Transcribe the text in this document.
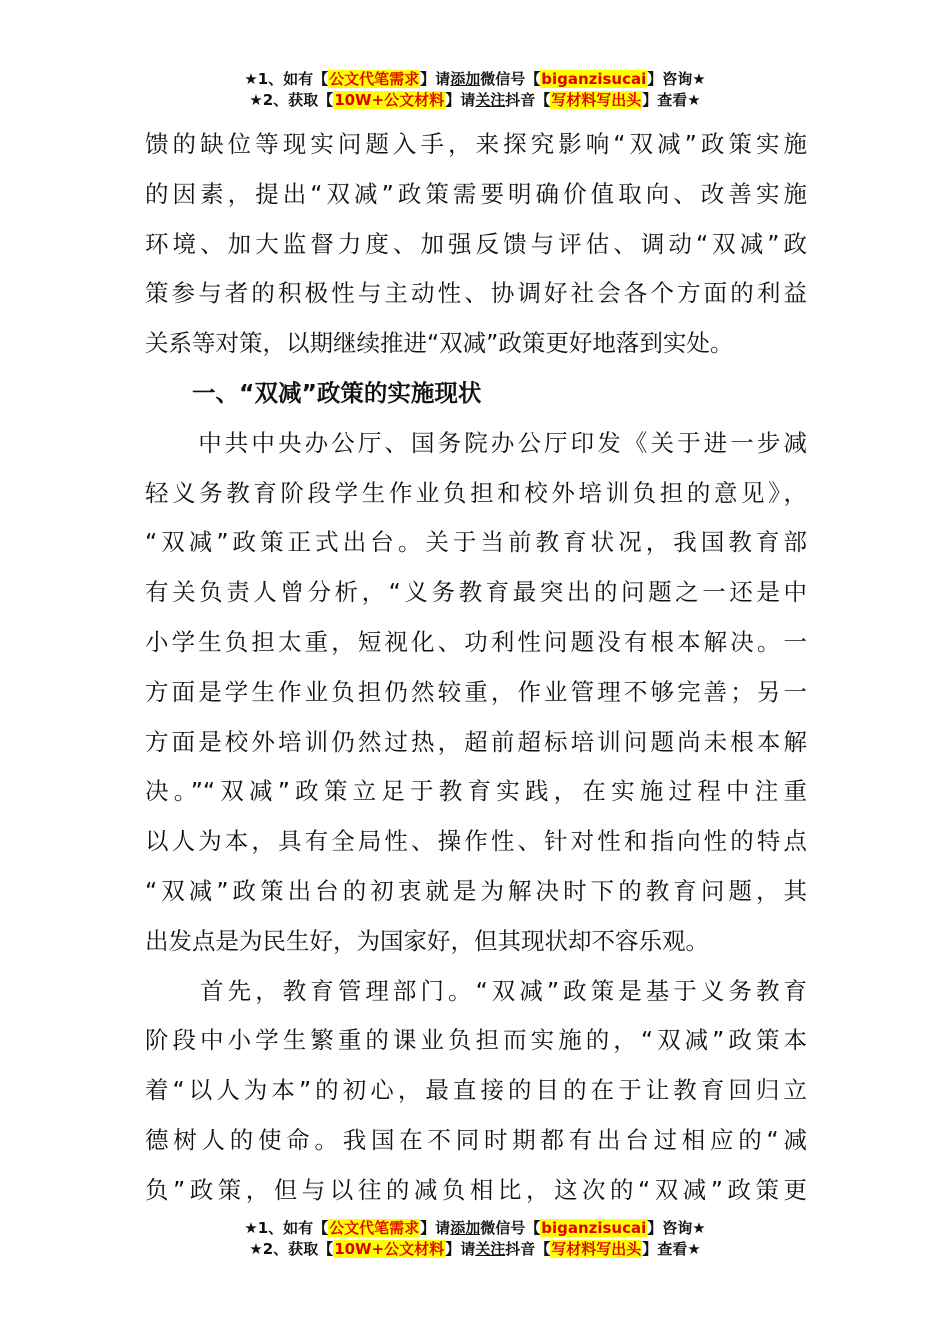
★1、如有【公文代笔需求】请添加微信号【biganzisucai】咨询★
★2、获取【10W+公文材料】请关注抖音【写材料写出头】查看★
馈的缺位等现实问题入手，来探究影响“双减”政策实施
的因素，提出“双减”政策需要明确价值取向、改善实施
环境、加大监督力度、加强反馈与评估、调动“双减”政
策参与者的积极性与主动性、协调好社会各个方面的利益
关系等对策，以期继续推进“双减”政策更好地落到实处。
　　一、“双减”政策的实施现状
　　中共中央办公厅、国务院办公厅印发《关于进一步减
轻义务教育阶段学生作业负担和校外培训负担的意见》，
“双减”政策正式出台。关于当前教育状况，我国教育部
有关负责人曾分析，“义务教育最突出的问题之一还是中
小学生负担太重，短视化、功利性问题没有根本解决。一
方面是学生作业负担仍然较重，作业管理不够完善；另一
方面是校外培训仍然过热，超前超标培训问题尚未根本解
决。”“双减”政策立足于教育实践，在实施过程中注重
以人为本，具有全局性、操作性、针对性和指向性的特点
“双减”政策出台的初衷就是为解决时下的教育问题，其
出发点是为民生好，为国家好，但其现状却不容乐观。
　　首先，教育管理部门。“双减”政策是基于义务教育
阶段中小学生繁重的课业负担而实施的，“双减”政策本
着“以人为本”的初心，最直接的目的在于让教育回归立
德树人的使命。我国在不同时期都有出台过相应的“减
负”政策，但与以往的减负相比，这次的“双减”政策更
★1、如有【公文代笔需求】请添加微信号【biganzisucai】咨询★
★2、获取【10W+公文材料】请关注抖音【写材料写出头】查看★
